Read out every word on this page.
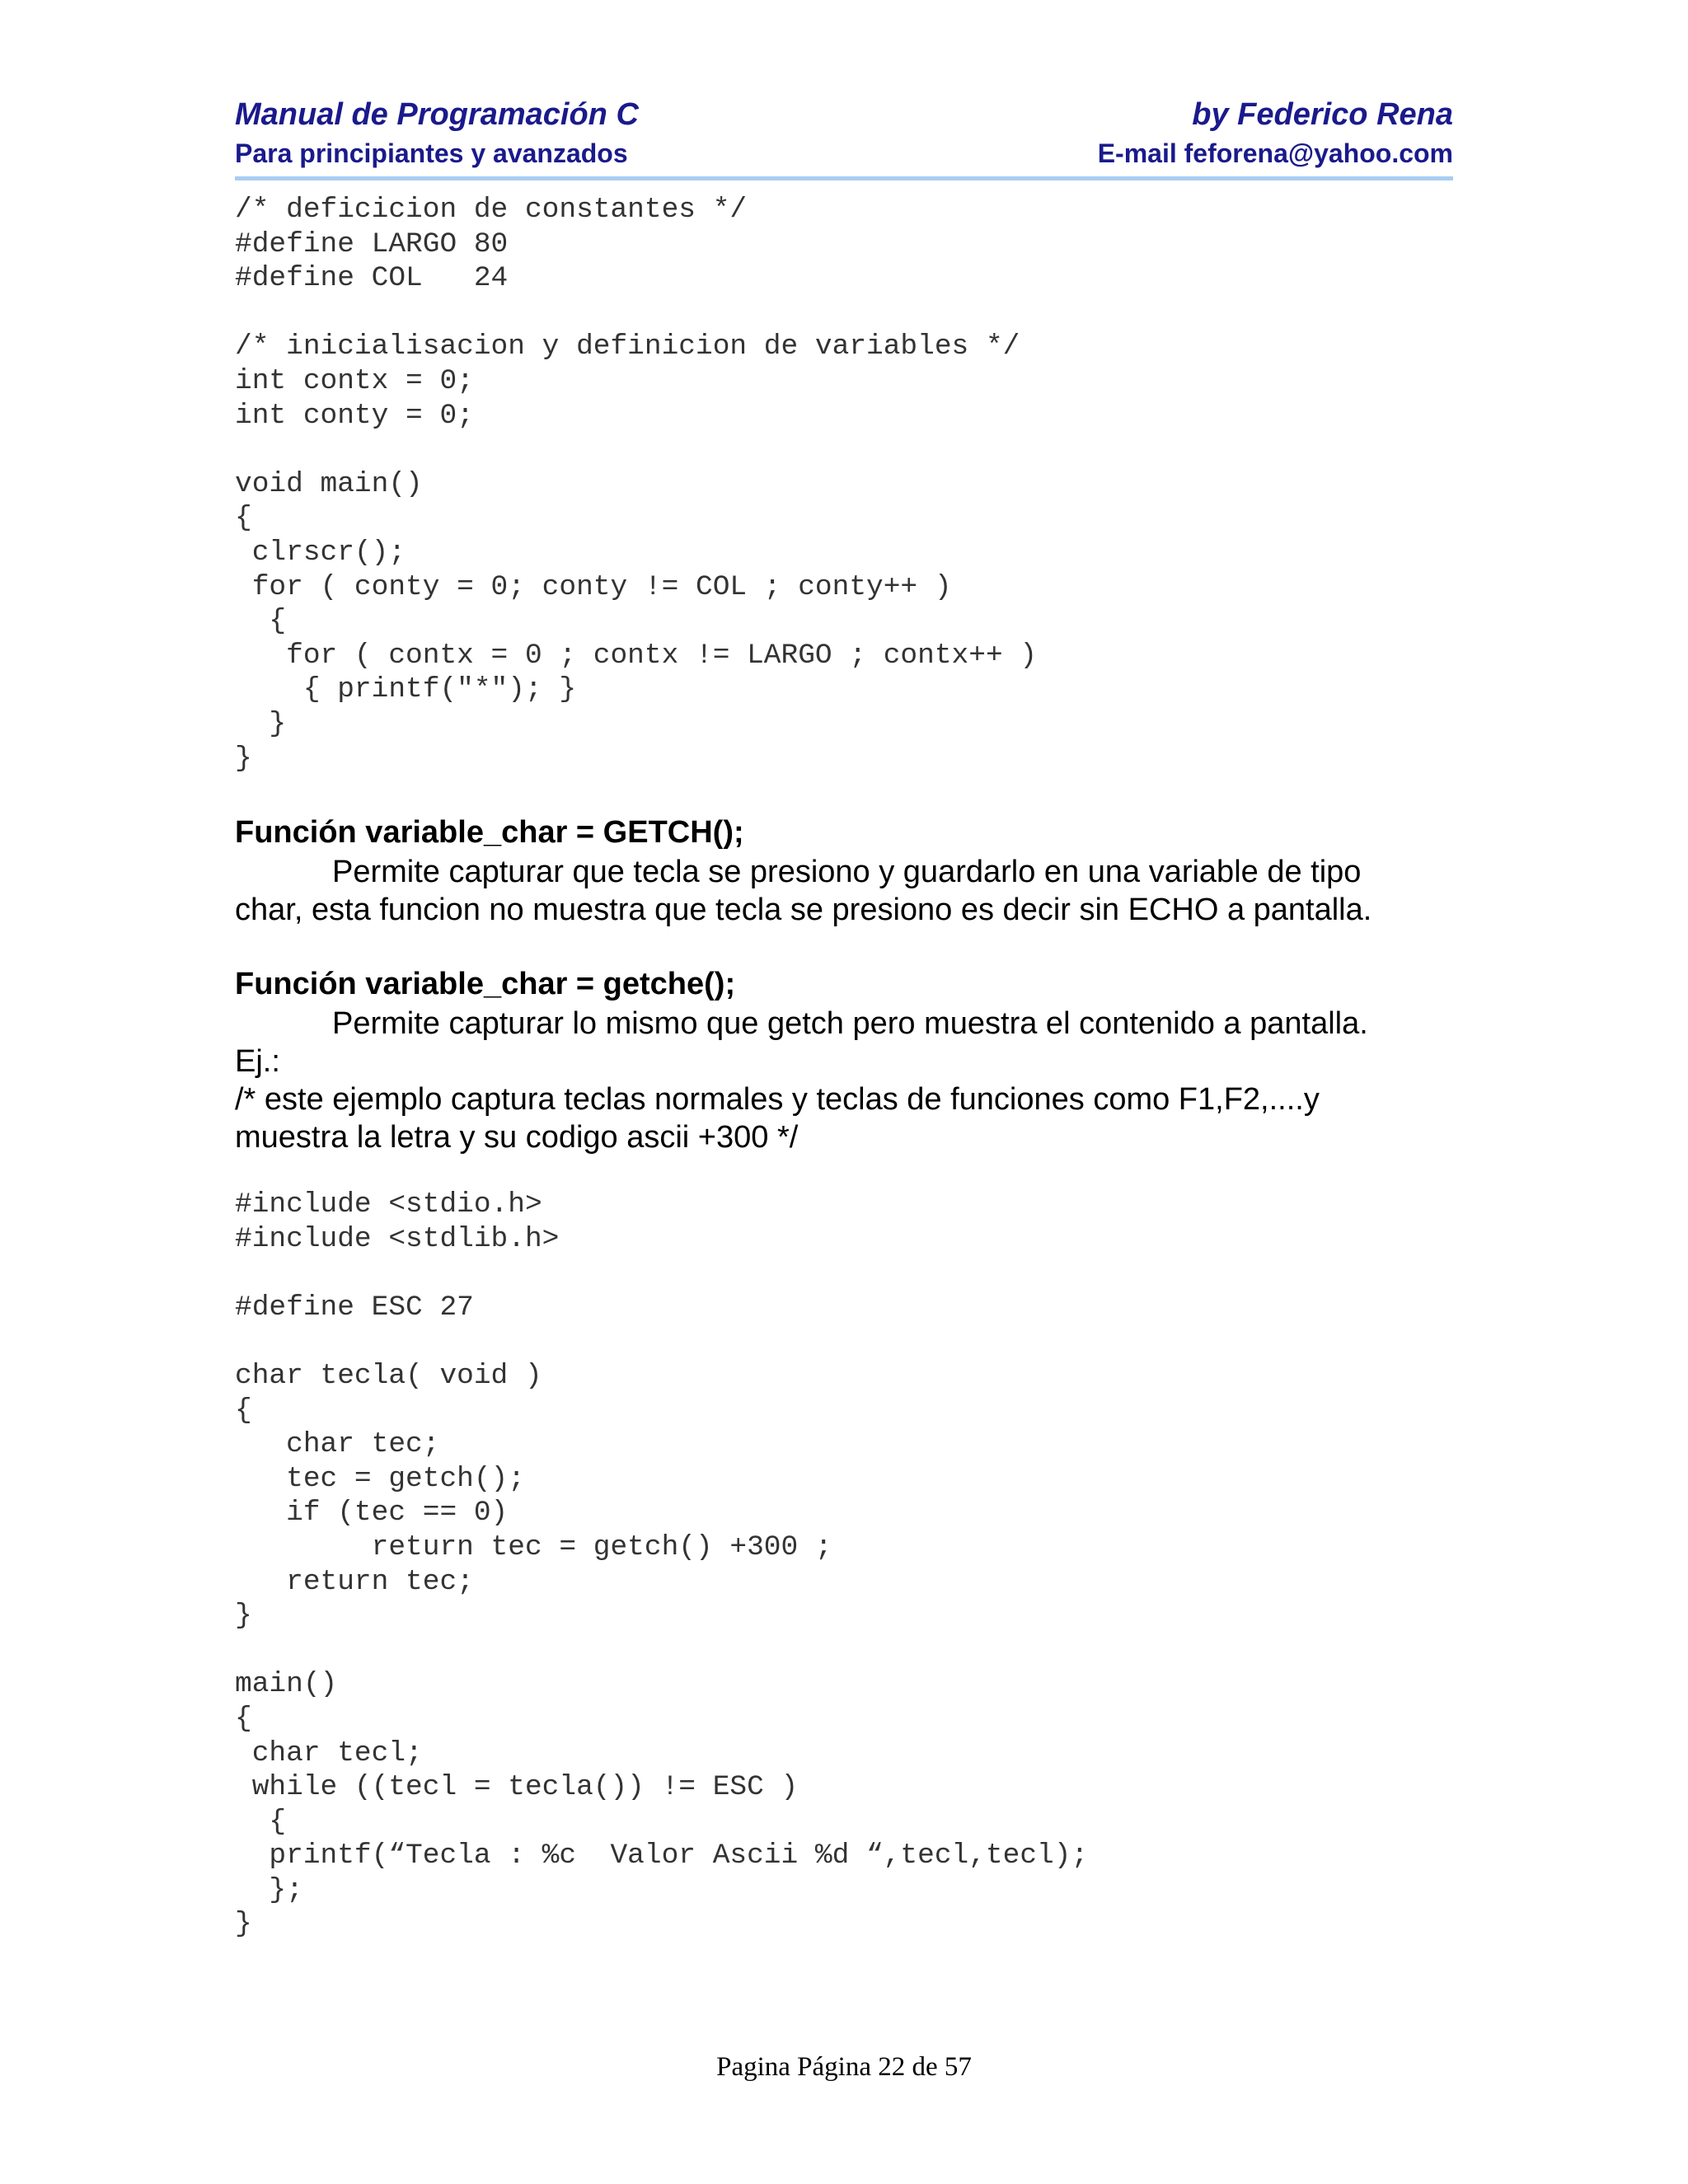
Manual de Programación C	by Federico Rena
Para principiantes y avanzados	E-mail feforena@yahoo.com
/* deficicion de constantes */
#define LARGO 80
#define COL   24

/* inicialisacion y definicion de variables */
int contx = 0;
int conty = 0;

void main()
{
clrscr();
for ( conty = 0; conty != COL ; conty++ )
{
for ( contx = 0 ; contx != LARGO ; contx++ )
{ printf("*"); }
}
}
Función variable_char = GETCH();
Permite capturar que tecla se presiono y guardarlo en una variable de tipo
char, esta funcion no muestra que tecla se presiono es decir sin ECHO a pantalla.
Función variable_char = getche();
Permite capturar lo mismo que getch pero muestra el contenido a pantalla.
Ej.:
/* este ejemplo captura teclas normales y teclas de funciones como F1,F2,....y
muestra la letra y su codigo ascii +300 */
#include <stdio.h>
#include <stdlib.h>

#define ESC 27

char tecla( void )
{
char tec;
tec = getch();
if (tec == 0)
return tec = getch() +300 ;
return tec;
}

main()
{
char tecl;
while ((tecl = tecla()) != ESC )
{
printf(“Tecla : %c  Valor Ascii %d “,tecl,tecl);
};
}
Pagina Página 22 de 57
